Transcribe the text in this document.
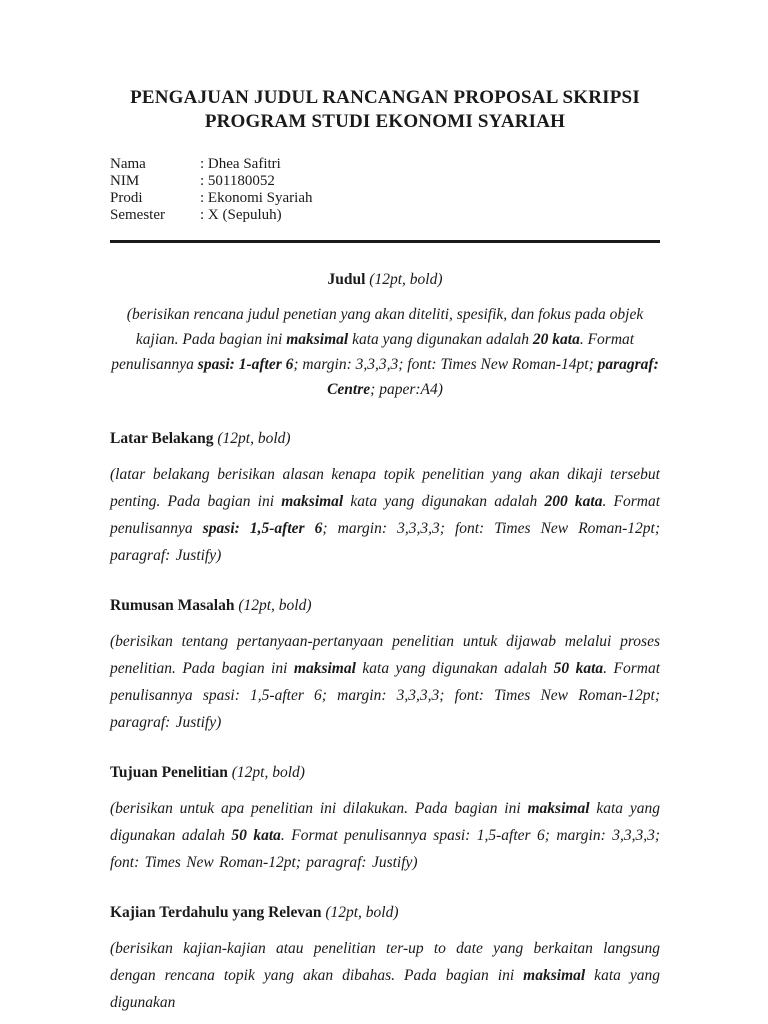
PENGAJUAN JUDUL RANCANGAN PROPOSAL SKRIPSI
PROGRAM STUDI EKONOMI SYARIAH
Nama	: Dhea Safitri
NIM	: 501180052
Prodi	: Ekonomi Syariah
Semester : X (Sepuluh)

Judul (12pt, bold)

(berisikan rencana judul penetian yang akan diteliti, spesifik, dan fokus pada objek kajian. Pada bagian ini maksimal kata yang digunakan adalah 20 kata. Format penulisannya spasi: 1-after 6; margin: 3,3,3,3; font: Times New Roman-14pt; paragraf: Centre; paper:A4)

Latar Belakang (12pt, bold)

(latar belakang berisikan alasan kenapa topik penelitian yang akan dikaji tersebut penting. Pada bagian ini maksimal kata yang digunakan adalah 200 kata. Format penulisannya spasi: 1,5-after 6; margin: 3,3,3,3; font: Times New Roman-12pt; paragraf: Justify)

Rumusan Masalah (12pt, bold)

(berisikan tentang pertanyaan-pertanyaan penelitian untuk dijawab melalui proses penelitian. Pada bagian ini maksimal kata yang digunakan adalah 50 kata. Format penulisannya spasi: 1,5-after 6; margin: 3,3,3,3; font: Times New Roman-12pt; paragraf: Justify)

Tujuan Penelitian (12pt, bold)

(berisikan untuk apa penelitian ini dilakukan. Pada bagian ini maksimal kata yang digunakan adalah 50 kata. Format penulisannya spasi: 1,5-after 6; margin: 3,3,3,3; font: Times New Roman-12pt; paragraf: Justify)

Kajian Terdahulu yang Relevan (12pt, bold)

(berisikan kajian-kajian atau penelitian ter-up to date yang berkaitan langsung dengan rencana topik yang akan dibahas. Pada bagian ini maksimal kata yang digunakan
